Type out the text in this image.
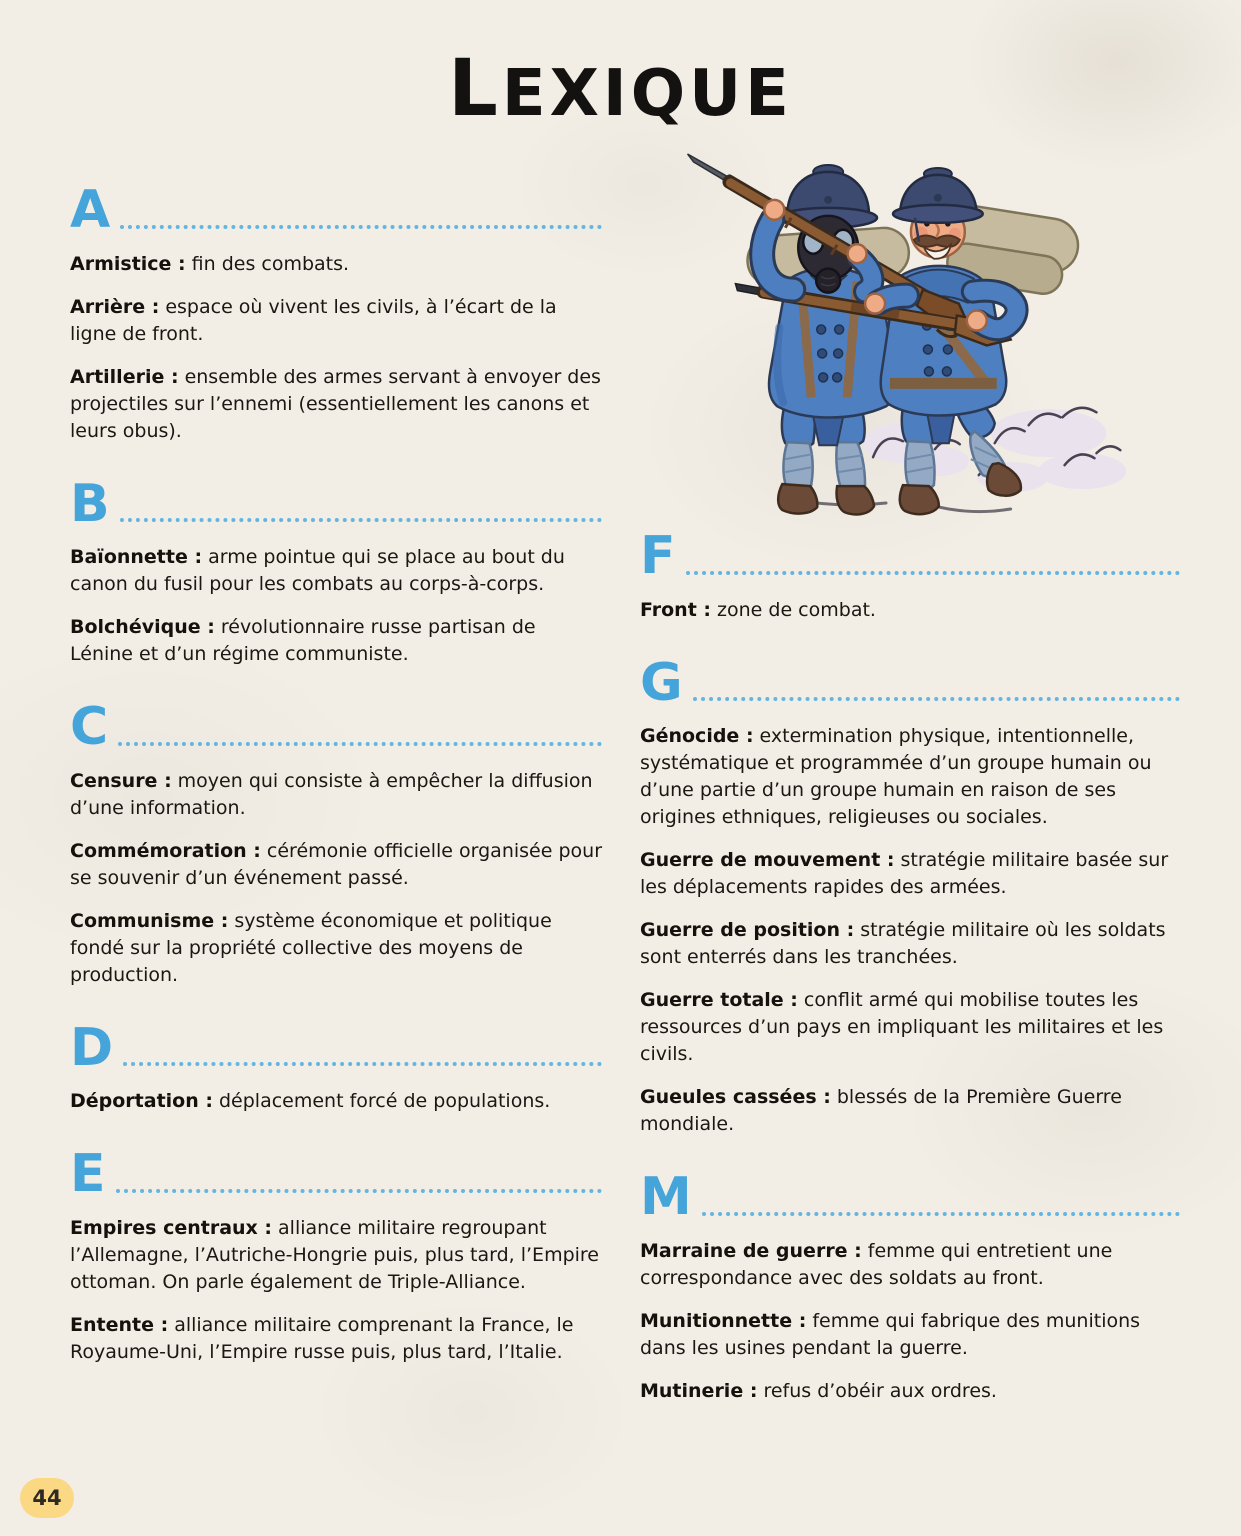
LEXIQUE
A

Armistice : fin des combats.

Arrière : espace où vivent les civils, à l’écart de la ligne de front.

Artillerie : ensemble des armes servant à envoyer des projectiles sur l’ennemi (essentiellement les canons et leurs obus).

B

Baïonnette : arme pointue qui se place au bout du canon du fusil pour les combats au corps-à-corps.

Bolchévique : révolutionnaire russe partisan de Lénine et d’un régime communiste.

C

Censure : moyen qui consiste à empêcher la diffusion d’une information.

Commémoration : cérémonie officielle organisée pour se souvenir d’un événement passé.

Communisme : système économique et politique fondé sur la propriété collective des moyens de production.

D

Déportation : déplacement forcé de populations.

E

Empires centraux : alliance militaire regroupant l’Allemagne, l’Autriche-Hongrie puis, plus tard, l’Empire ottoman. On parle également de Triple-Alliance.

Entente : alliance militaire comprenant la France, le Royaume-Uni, l’Empire russe puis, plus tard, l’Italie.

F

Front : zone de combat.

G

Génocide : extermination physique, intentionnelle, systématique et programmée d’un groupe humain ou d’une partie d’un groupe humain en raison de ses origines ethniques, religieuses ou sociales.

Guerre de mouvement : stratégie militaire basée sur les déplacements rapides des armées.

Guerre de position : stratégie militaire où les soldats sont enterrés dans les tranchées.

Guerre totale : conflit armé qui mobilise toutes les ressources d’un pays en impliquant les militaires et les civils.

Gueules cassées : blessés de la Première Guerre mondiale.

M

Marraine de guerre : femme qui entretient une correspondance avec des soldats au front.

Munitionnette : femme qui fabrique des munitions dans les usines pendant la guerre.

Mutinerie : refus d’obéir aux ordres.

44
